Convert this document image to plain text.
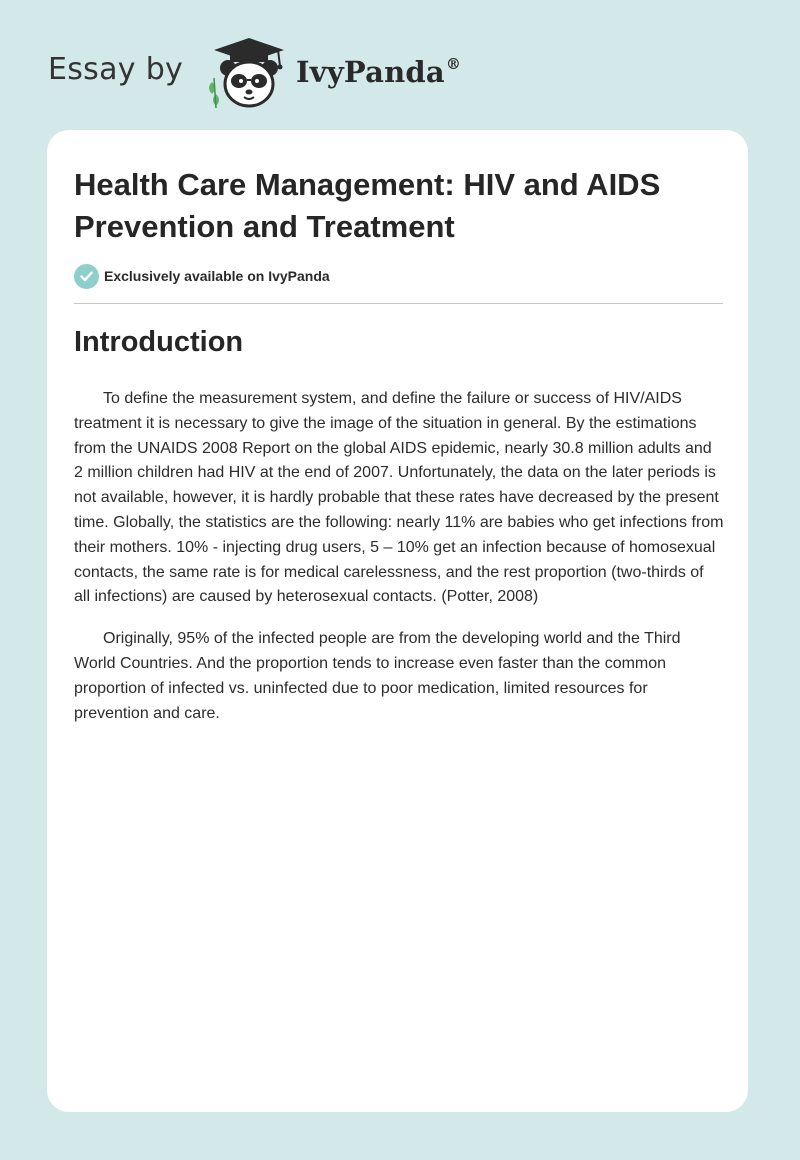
Essay by	IvyPanda®
Health Care Management: HIV and AIDS Prevention and Treatment
Exclusively available on IvyPanda
Introduction

To define the measurement system, and define the failure or success of HIV/AIDS treatment it is necessary to give the image of the situation in general. By the estimations from the UNAIDS 2008 Report on the global AIDS epidemic, nearly 30.8 million adults and 2 million children had HIV at the end of 2007. Unfortunately, the data on the later periods is not available, however, it is hardly probable that these rates have decreased by the present time. Globally, the statistics are the following: nearly 11% are babies who get infections from their mothers. 10% - injecting drug users, 5 – 10% get an infection because of homosexual contacts, the same rate is for medical carelessness, and the rest proportion (two-thirds of all infections) are caused by heterosexual contacts. (Potter, 2008)

Originally, 95% of the infected people are from the developing world and the Third World Countries. And the proportion tends to increase even faster than the common proportion of infected vs. uninfected due to poor medication, limited resources for prevention and care.
